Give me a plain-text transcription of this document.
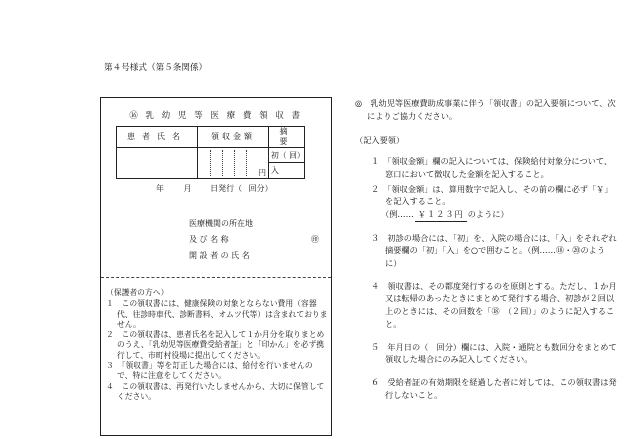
第４号様式（第５条関係）
⑯ 乳 幼 児 等 医 療 費 領 収 書
患者氏名	領収金額	摘 要

	円	初（ 回）
入
年 月 日発行（ 回分）
医療機関の所在地
及 び 名 称	㊞
開 設 者 の 氏 名
（保護者の方へ）
１　この領収書には、健康保険の対象とならない費用（容器代、往診時車代、診断書料、オムツ代等）は含まれておりません。
２　この領収書は、患者氏名を記入して１か月分を取りまとめのうえ、「乳幼児等医療費受給者証」と「印かん」を必ず携行して、市町村役場に提出してください。
３　「領収書」等を訂正した場合には、給付を行いませんので、特に注意をしてください。
４　この領収書は、再発行いたしませんから、大切に保管してください。
◎　乳幼児等医療費助成事業に伴う「領収書」の記入要領について、次によりご協力ください。
（記入要領）
１　「領収金額」欄の記入については、保険給付対象分について、窓口において徴収した金額を記入すること。
２　「領収金額」は、算用数字で記入し、その前の欄に必ず「￥」を記入すること。
（例…… ￥１２３円 のように）
３　初診の場合には、「初」を、入院の場合には、「入」をそれぞれ摘要欄の「初」「入」を○で囲むこと。（例……⑱・⑳のように）
４　領収書は、その都度発行するのを原則とする。ただし、１か月又は転帰のあったときにまとめて発行する場合、初診が２回以上のときには、その回数を「⑱　（２回）」のように記入すること。
５　年月日の（　回分）欄には、入院・通院とも数回分をまとめて領収した場合にのみ記入してください。
６　受給者証の有効期限を経過した者に対しては、この領収書は発行しないこと。
